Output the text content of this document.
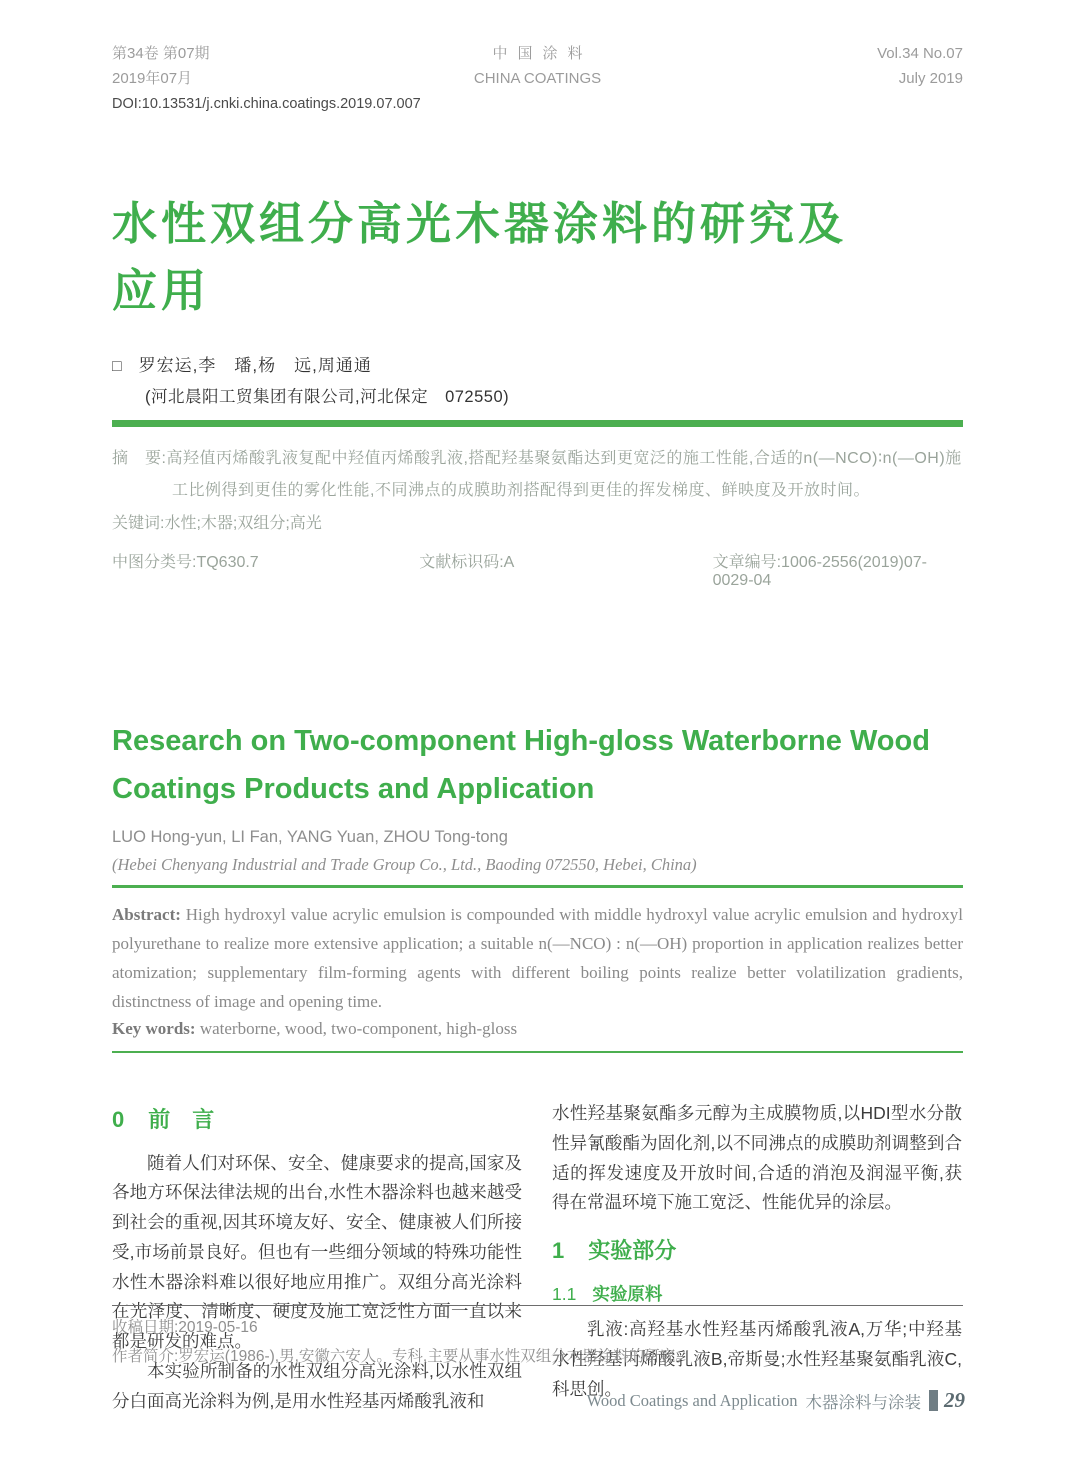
第34卷 第07期
2019年07月
中国涂料
CHINA COATINGS
Vol.34 No.07
July 2019
DOI:10.13531/j.cnki.china.coatings.2019.07.007
水性双组分高光木器涂料的研究及应用
□ 罗宏运,李　璠,杨　远,周通通
(河北晨阳工贸集团有限公司,河北保定　072550)
摘　要:高羟值丙烯酸乳液复配中羟值丙烯酸乳液,搭配羟基聚氨酯达到更宽泛的施工性能,合适的n(—NCO)∶n(—OH)施工比例得到更佳的雾化性能,不同沸点的成膜助剂搭配得到更佳的挥发梯度、鲜映度及开放时间。
关键词:水性;木器;双组分;高光
中图分类号:TQ630.7	文献标识码:A	文章编号:1006-2556(2019)07-0029-04
Research on Two-component High-gloss Waterborne Wood Coatings Products and Application
LUO Hong-yun, LI Fan, YANG Yuan, ZHOU Tong-tong
(Hebei Chenyang Industrial and Trade Group Co., Ltd., Baoding 072550, Hebei, China)
Abstract: High hydroxyl value acrylic emulsion is compounded with middle hydroxyl value acrylic emulsion and hydroxyl polyurethane to realize more extensive application; a suitable n(—NCO) : n(—OH) proportion in application realizes better atomization; supplementary film-forming agents with different boiling points realize better volatilization gradients, distinctness of image and opening time.
Key words: waterborne, wood, two-component, high-gloss
0 前　言

随着人们对环保、安全、健康要求的提高,国家及各地方环保法律法规的出台,水性木器涂料也越来越受到社会的重视,因其环境友好、安全、健康被人们所接受,市场前景良好。但也有一些细分领域的特殊功能性水性木器涂料难以很好地应用推广。双组分高光涂料在光泽度、清晰度、硬度及施工宽泛性方面一直以来都是研发的难点。

本实验所制备的水性双组分高光涂料,以水性双组分白面高光涂料为例,是用水性羟基丙烯酸乳液和

水性羟基聚氨酯多元醇为主成膜物质,以HDI型水分散性异氰酸酯为固化剂,以不同沸点的成膜助剂调整到合适的挥发速度及开放时间,合适的消泡及润湿平衡,获得在常温环境下施工宽泛、性能优异的涂层。

1 实验部分
1.1 实验原料

乳液:高羟基水性羟基丙烯酸乳液A,万华;中羟基水性羟基丙烯酸乳液B,帝斯曼;水性羟基聚氨酯乳液C,科思创。

收稿日期:2019-05-16
作者简介:罗宏运(1986-),男,安徽六安人。专科,主要从事水性双组分木器涂料的研究。
Wood Coatings and Application 木器涂料与涂装 29
